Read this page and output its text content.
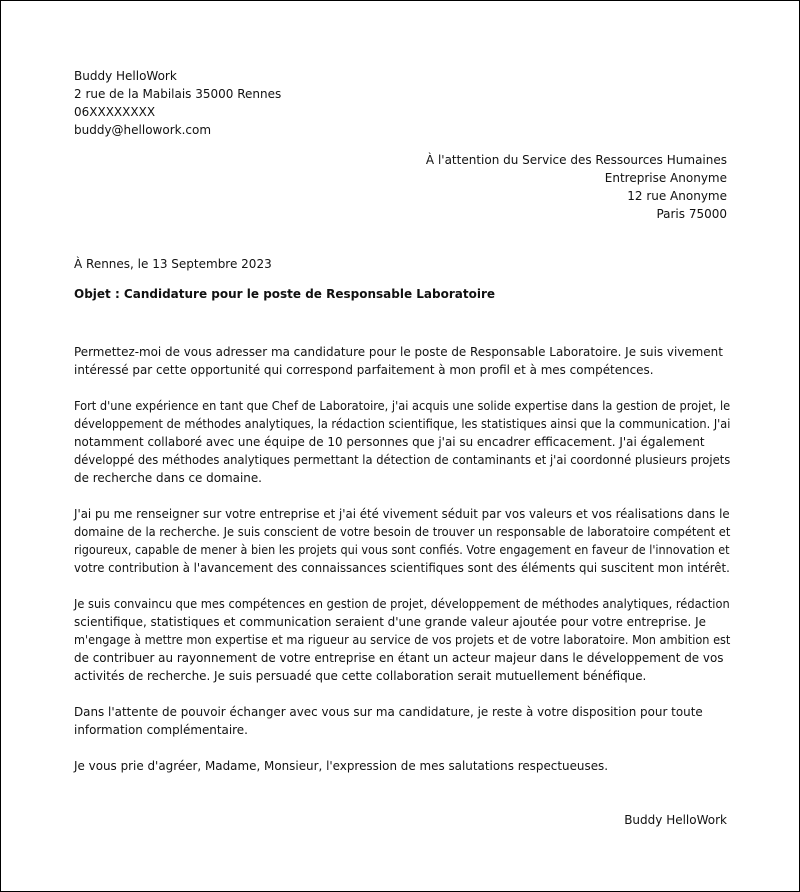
Buddy HelloWork
2 rue de la Mabilais 35000 Rennes
06XXXXXXXX
buddy@hellowork.com
À l'attention du Service des Ressources Humaines
Entreprise Anonyme
12 rue Anonyme
Paris 75000
À Rennes, le 13 Septembre 2023
Objet : Candidature pour le poste de Responsable Laboratoire
Permettez-moi de vous adresser ma candidature pour le poste de Responsable Laboratoire. Je suis vivement
intéressé par cette opportunité qui correspond parfaitement à mon profil et à mes compétences.
Fort d'une expérience en tant que Chef de Laboratoire, j'ai acquis une solide expertise dans la gestion de projet, le
développement de méthodes analytiques, la rédaction scientifique, les statistiques ainsi que la communication. J'ai
notamment collaboré avec une équipe de 10 personnes que j'ai su encadrer efficacement. J'ai également
développé des méthodes analytiques permettant la détection de contaminants et j'ai coordonné plusieurs projets
de recherche dans ce domaine.
J'ai pu me renseigner sur votre entreprise et j'ai été vivement séduit par vos valeurs et vos réalisations dans le
domaine de la recherche. Je suis conscient de votre besoin de trouver un responsable de laboratoire compétent et
rigoureux, capable de mener à bien les projets qui vous sont confiés. Votre engagement en faveur de l'innovation et
votre contribution à l'avancement des connaissances scientifiques sont des éléments qui suscitent mon intérêt.
Je suis convaincu que mes compétences en gestion de projet, développement de méthodes analytiques, rédaction
scientifique, statistiques et communication seraient d'une grande valeur ajoutée pour votre entreprise. Je
m'engage à mettre mon expertise et ma rigueur au service de vos projets et de votre laboratoire. Mon ambition est
de contribuer au rayonnement de votre entreprise en étant un acteur majeur dans le développement de vos
activités de recherche. Je suis persuadé que cette collaboration serait mutuellement bénéfique.
Dans l'attente de pouvoir échanger avec vous sur ma candidature, je reste à votre disposition pour toute
information complémentaire.
Je vous prie d'agréer, Madame, Monsieur, l'expression de mes salutations respectueuses.
Buddy HelloWork
